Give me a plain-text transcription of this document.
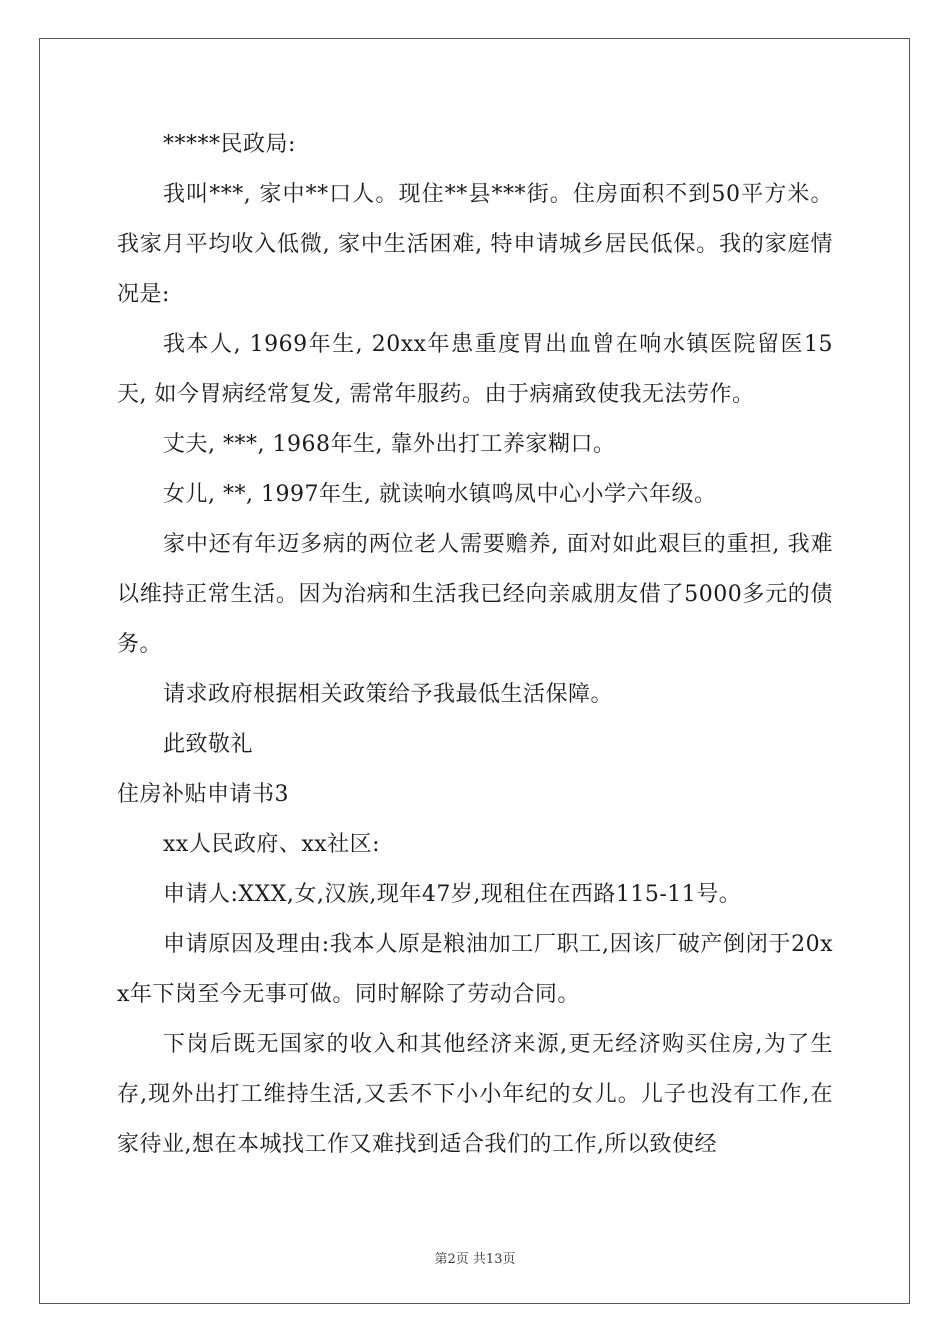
*****民政局:

我叫***, 家中**口人。现住**县***街。住房面积不到50平方米。我家月平均收入低微, 家中生活困难, 特申请城乡居民低保。我的家庭情况是:

我本人, 1969年生, 20xx年患重度胃出血曾在响水镇医院留医15天, 如今胃病经常复发, 需常年服药。由于病痛致使我无法劳作。

丈夫, ***, 1968年生, 靠外出打工养家糊口。

女儿, **, 1997年生, 就读响水镇鸣凤中心小学六年级。

家中还有年迈多病的两位老人需要赡养, 面对如此艰巨的重担, 我难以维持正常生活。因为治病和生活我已经向亲戚朋友借了5000多元的债务。

请求政府根据相关政策给予我最低生活保障。

此致敬礼

住房补贴申请书3

xx人民政府、xx社区:

申请人:XXX,女,汉族,现年47岁,现租住在西路115-11号。

申请原因及理由:我本人原是粮油加工厂职工,因该厂破产倒闭于20xx年下岗至今无事可做。同时解除了劳动合同。

下岗后既无国家的收入和其他经济来源,更无经济购买住房,为了生存,现外出打工维持生活,又丢不下小小年纪的女儿。儿子也没有工作,在家待业,想在本城找工作又难找到适合我们的工作,所以致使经

第2页 共13页
